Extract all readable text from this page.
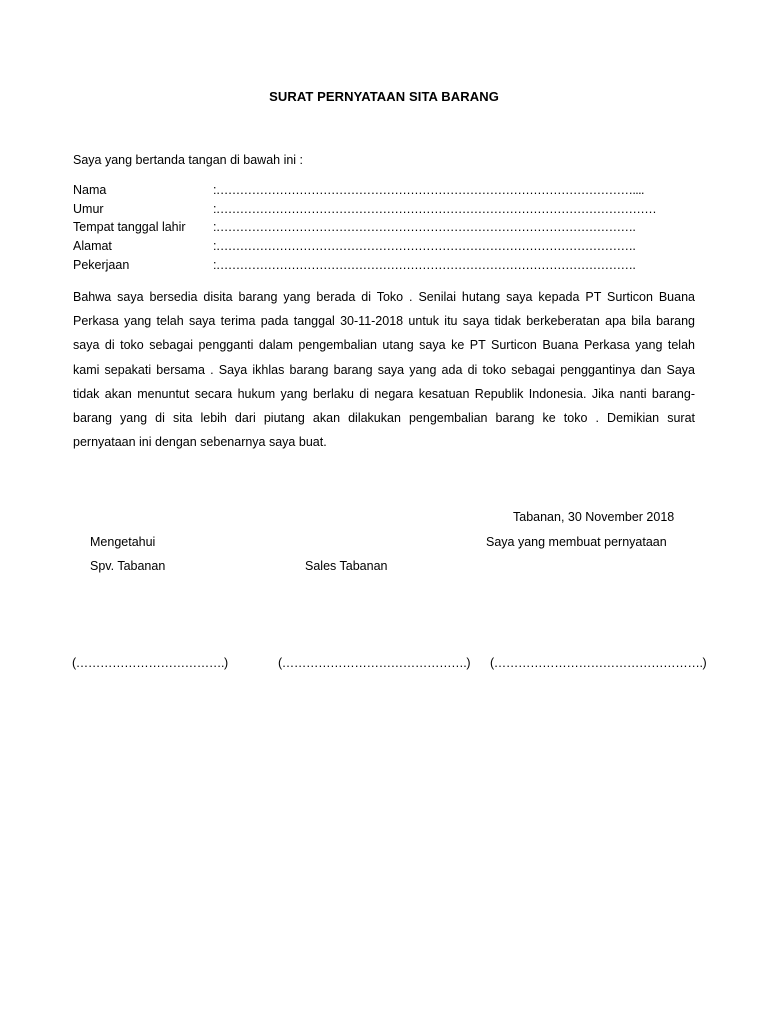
SURAT PERNYATAAN SITA BARANG
Saya yang bertanda tangan di bawah ini :
Nama	:……………………………………………………………………………………………....
Umur	:…………………………………………………………………………………………………
Tempat tanggal lahir :…………………………………………………………………………………………….
Alamat	:…………………………………………………………………………………………….
Pekerjaan	:…………………………………………………………………………………………….
Bahwa saya bersedia disita barang yang berada di Toko . Senilai hutang saya kepada PT Surticon Buana
Perkasa yang telah saya terima pada tanggal 30-11-2018 untuk itu saya tidak berkeberatan apa bila barang
saya di toko sebagai pengganti dalam pengembalian utang saya ke PT Surticon Buana Perkasa yang telah
kami sepakati bersama . Saya ikhlas barang barang saya yang ada di toko sebagai penggantinya dan Saya
tidak akan menuntut secara hukum yang berlaku di negara kesatuan Republik Indonesia. Jika nanti barang-
barang yang di sita lebih dari piutang akan dilakukan pengembalian barang ke toko . Demikian surat
pernyataan ini dengan sebenarnya saya buat.
Tabanan, 30 November 2018
Mengetahui	Saya yang membuat pernyataan
Spv. Tabanan	Sales Tabanan
(……………………………….)	(……………………………………….) (…………………………………………….)
